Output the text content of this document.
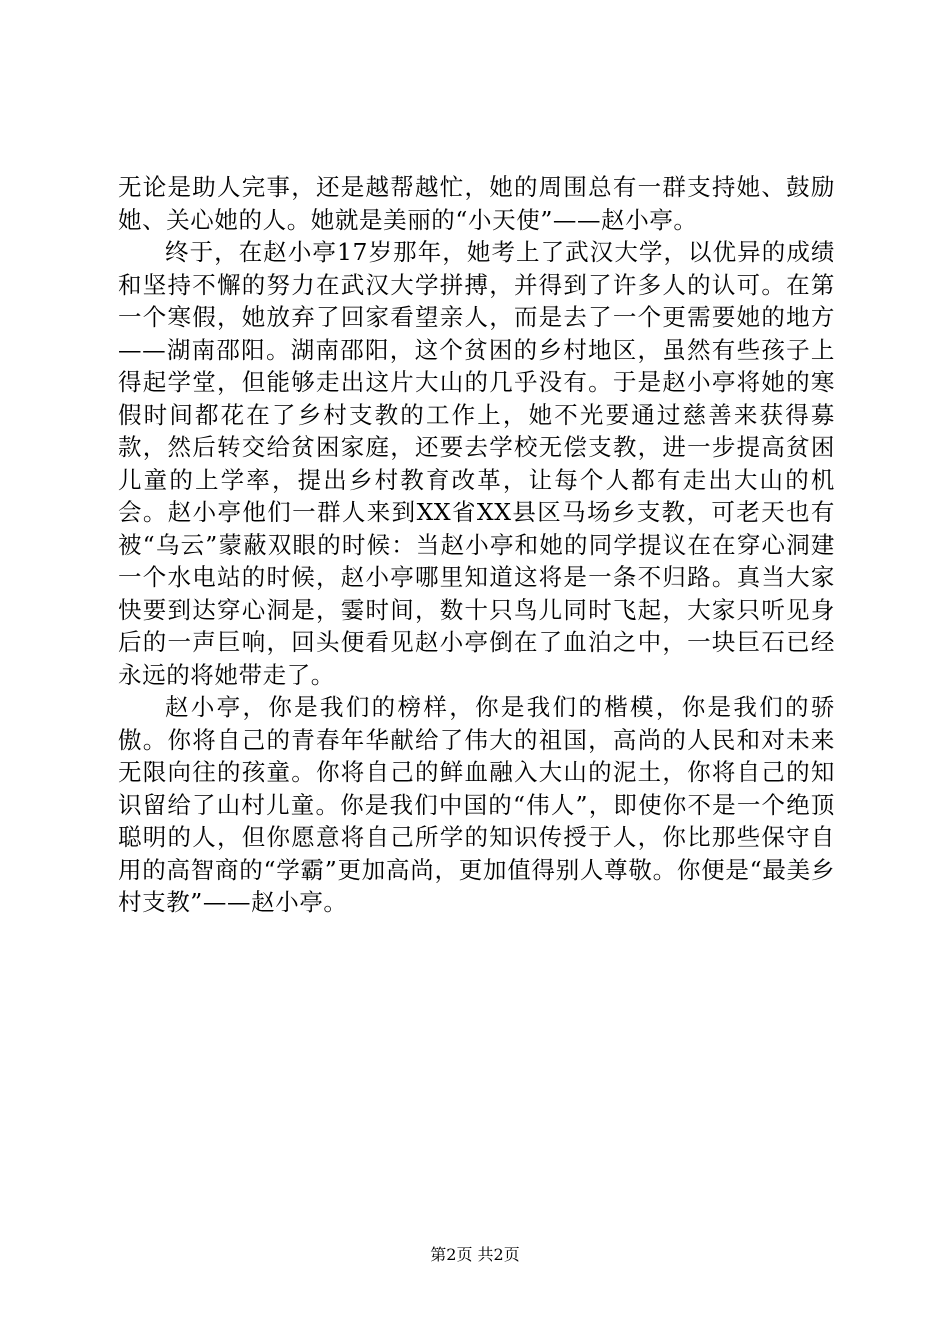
无论是助人完事，还是越帮越忙，她的周围总有一群支持她、鼓励她、关心她的人。她就是美丽的“小天使”——赵小亭。

终于，在赵小亭17岁那年，她考上了武汉大学，以优异的成绩和坚持不懈的努力在武汉大学拼搏，并得到了许多人的认可。在第一个寒假，她放弃了回家看望亲人，而是去了一个更需要她的地方——湖南邵阳。湖南邵阳，这个贫困的乡村地区，虽然有些孩子上得起学堂，但能够走出这片大山的几乎没有。于是赵小亭将她的寒假时间都花在了乡村支教的工作上，她不光要通过慈善来获得募款，然后转交给贫困家庭，还要去学校无偿支教，进一步提高贫困儿童的上学率，提出乡村教育改革，让每个人都有走出大山的机会。赵小亭他们一群人来到XX省XX县区马场乡支教，可老天也有被“乌云”蒙蔽双眼的时候：当赵小亭和她的同学提议在在穿心洞建一个水电站的时候，赵小亭哪里知道这将是一条不归路。真当大家快要到达穿心洞是，霎时间，数十只鸟儿同时飞起，大家只听见身后的一声巨响，回头便看见赵小亭倒在了血泊之中，一块巨石已经永远的将她带走了。

赵小亭，你是我们的榜样，你是我们的楷模，你是我们的骄傲。你将自己的青春年华献给了伟大的祖国，高尚的人民和对未来无限向往的孩童。你将自己的鲜血融入大山的泥土，你将自己的知识留给了山村儿童。你是我们中国的“伟人”，即使你不是一个绝顶聪明的人，但你愿意将自己所学的知识传授于人，你比那些保守自用的高智商的“学霸”更加高尚，更加值得别人尊敬。你便是“最美乡村支教”——赵小亭。

第2页 共2页
